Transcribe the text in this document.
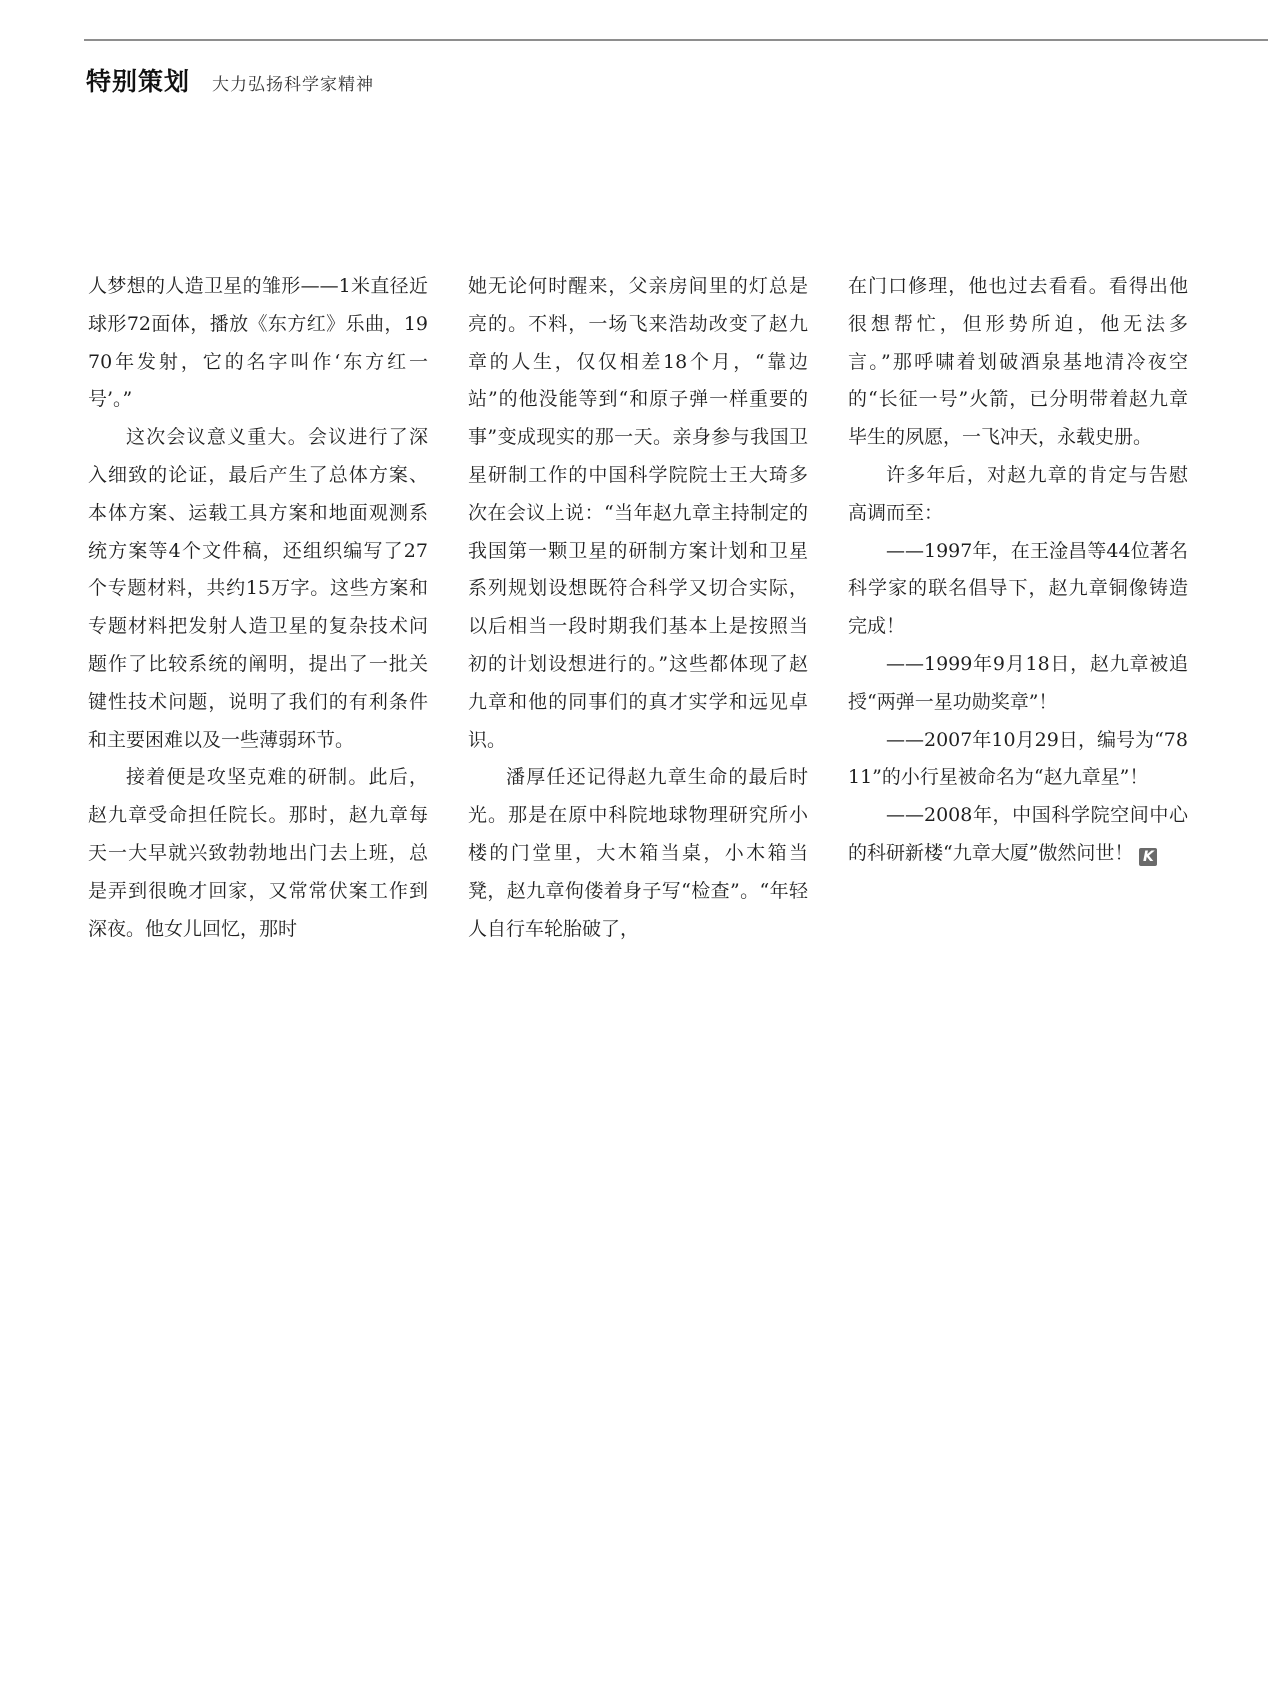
特别策划 大力弘扬科学家精神

人梦想的人造卫星的雏形——1米直径近球形72面体，播放《东方红》乐曲，1970年发射，它的名字叫作‘东方红一号’。”

这次会议意义重大。会议进行了深入细致的论证，最后产生了总体方案、本体方案、运载工具方案和地面观测系统方案等4个文件稿，还组织编写了27个专题材料，共约15万字。这些方案和专题材料把发射人造卫星的复杂技术问题作了比较系统的阐明，提出了一批关键性技术问题，说明了我们的有利条件和主要困难以及一些薄弱环节。

接着便是攻坚克难的研制。此后，赵九章受命担任院长。那时，赵九章每天一大早就兴致勃勃地出门去上班，总是弄到很晚才回家，又常常伏案工作到深夜。他女儿回忆，那时

她无论何时醒来，父亲房间里的灯总是亮的。不料，一场飞来浩劫改变了赵九章的人生，仅仅相差18个月，“靠边站”的他没能等到“和原子弹一样重要的事”变成现实的那一天。亲身参与我国卫星研制工作的中国科学院院士王大琦多次在会议上说：“当年赵九章主持制定的我国第一颗卫星的研制方案计划和卫星系列规划设想既符合科学又切合实际，以后相当一段时期我们基本上是按照当初的计划设想进行的。”这些都体现了赵九章和他的同事们的真才实学和远见卓识。

潘厚任还记得赵九章生命的最后时光。那是在原中科院地球物理研究所小楼的门堂里，大木箱当桌，小木箱当凳，赵九章佝偻着身子写“检查”。“年轻人自行车轮胎破了，

在门口修理，他也过去看看。看得出他很想帮忙，但形势所迫，他无法多言。”那呼啸着划破酒泉基地清冷夜空的“长征一号”火箭，已分明带着赵九章毕生的夙愿，一飞冲天，永载史册。

许多年后，对赵九章的肯定与告慰高调而至：

——1997年，在王淦昌等44位著名科学家的联名倡导下，赵九章铜像铸造完成！

——1999年9月18日，赵九章被追授“两弹一星功勋奖章”！

——2007年10月29日，编号为“7811”的小行星被命名为“赵九章星”！

——2008年，中国科学院空间中心的科研新楼“九章大厦”傲然问世！ K
